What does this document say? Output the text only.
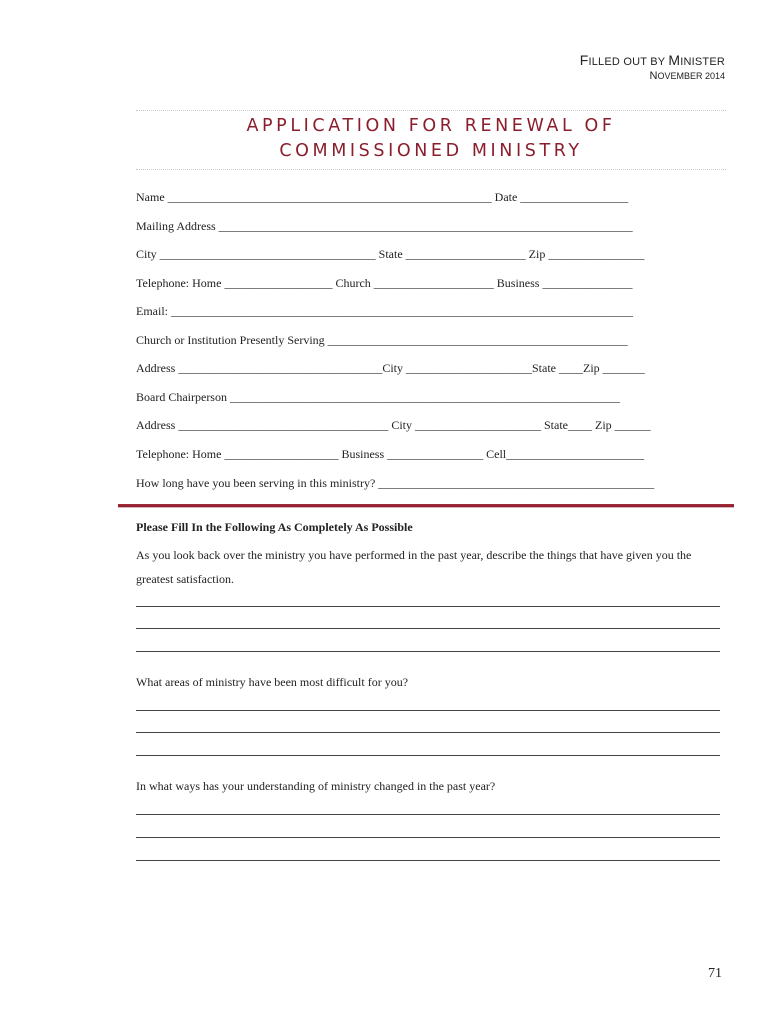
FILLED OUT BY MINISTER
NOVEMBER 2014
APPLICATION FOR RENEWAL OF
COMMISSIONED MINISTRY
Name ______________________________________________________ Date __________________
Mailing Address _____________________________________________________________________
City ____________________________________ State ____________________ Zip ________________
Telephone: Home __________________ Church ____________________ Business _______________
Email: _____________________________________________________________________________
Church or Institution Presently Serving __________________________________________________
Address __________________________________City _____________________State ____Zip _______
Board Chairperson _________________________________________________________________
Address ___________________________________ City _____________________ State____ Zip ______
Telephone: Home ___________________ Business ________________ Cell_______________________
How long have you been serving in this ministry? ______________________________________________
Please Fill In the Following As Completely As Possible
As you look back over the ministry you have performed in the past year, describe the things that have given you the greatest satisfaction.
What areas of ministry have been most difficult for you?
In what ways has your understanding of ministry changed in the past year?
71
